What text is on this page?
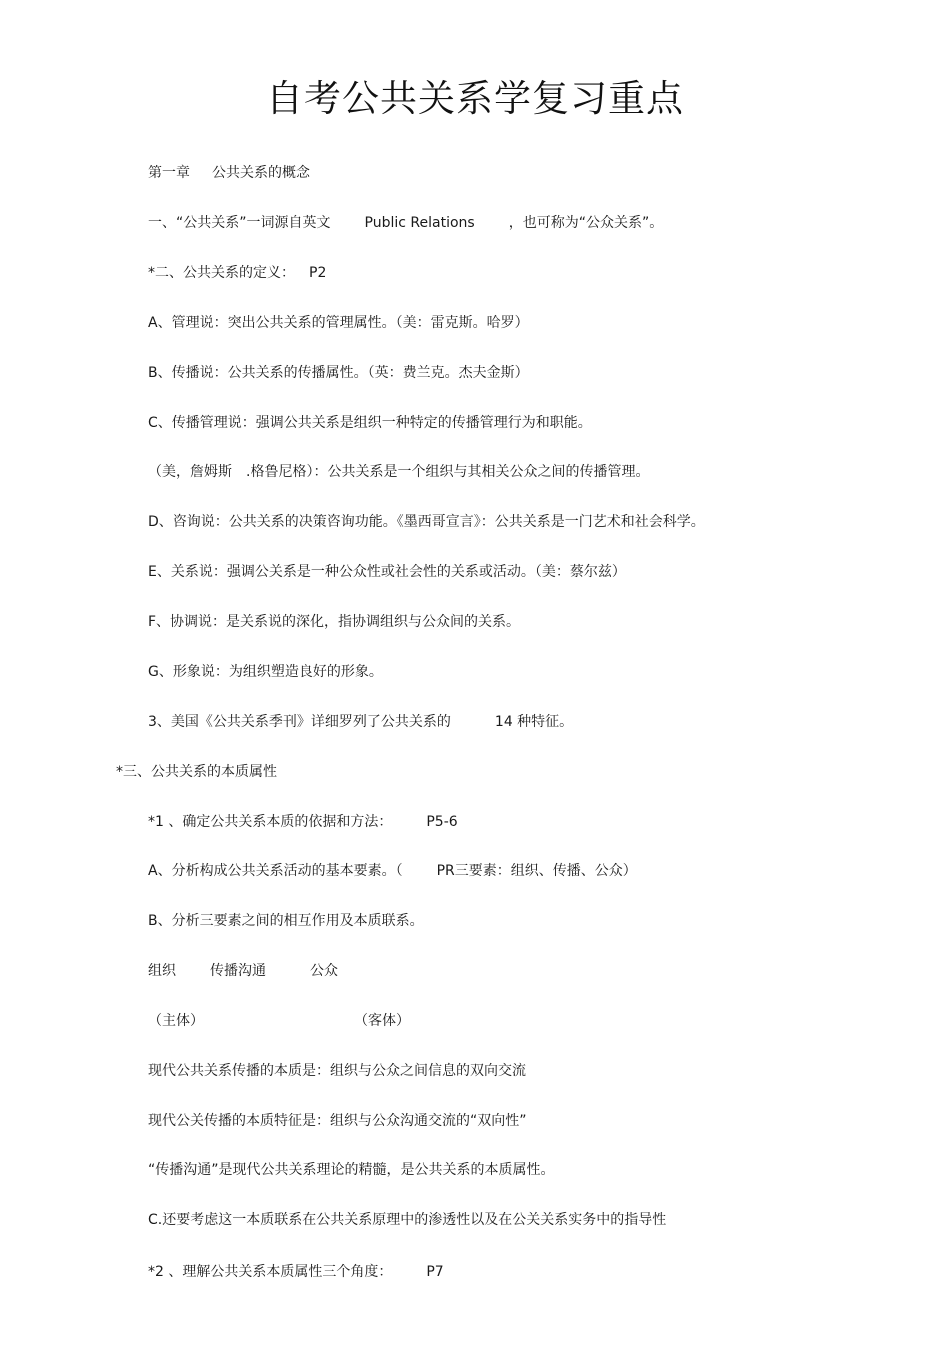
自考公共关系学复习重点
第一章 公共关系的概念
一、“公共关系”一词源自英文 Public Relations ，也可称为“公众关系”。
*二、公共关系的定义： P2
A、管理说：突出公共关系的管理属性。（美：雷克斯。哈罗）
B、传播说：公共关系的传播属性。（英：费兰克。杰夫金斯）
C、传播管理说：强调公共关系是组织一种特定的传播管理行为和职能。
（美，詹姆斯 .格鲁尼格）：公共关系是一个组织与其相关公众之间的传播管理。
D、咨询说：公共关系的决策咨询功能。《墨西哥宣言》：公共关系是一门艺术和社会科学。
E、关系说：强调公关系是一种公众性或社会性的关系或活动。（美：蔡尔兹）
F、协调说：是关系说的深化，指协调组织与公众间的关系。
G、形象说：为组织塑造良好的形象。
3、美国《公共关系季刊》详细罗列了公共关系的	14 种特征。
*三、公共关系的本质属性
*1 、确定公共关系本质的依据和方法： P5-6
A、分析构成公共关系活动的基本要素。（ PR三要素：组织、传播、公众）
B、分析三要素之间的相互作用及本质联系。
组织 传播沟通	公众
（主体）	（客体）
现代公共关系传播的本质是：组织与公众之间信息的双向交流
现代公关传播的本质特征是：组织与公众沟通交流的“双向性”
“传播沟通”是现代公共关系理论的精髓，是公共关系的本质属性。
C.还要考虑这一本质联系在公共关系原理中的渗透性以及在公关关系实务中的指导性
*2 、理解公共关系本质属性三个角度： P7
